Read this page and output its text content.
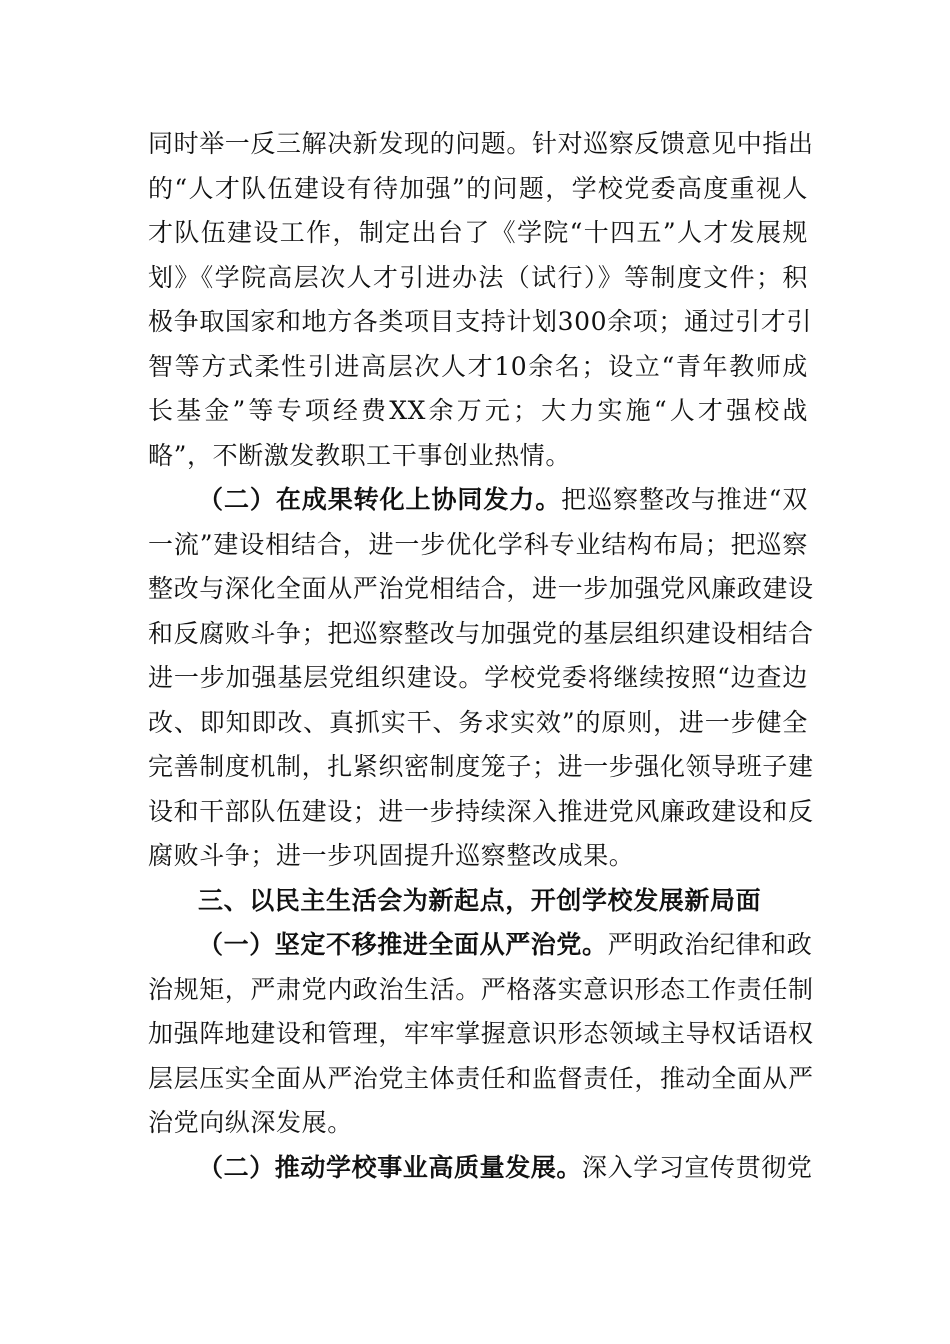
同时举一反三解决新发现的问题。针对巡察反馈意见中指出
的“人才队伍建设有待加强”的问题，学校党委高度重视人
才队伍建设工作，制定出台了《学院“十四五”人才发展规
划》《学院高层次人才引进办法（试行）》等制度文件；积
极争取国家和地方各类项目支持计划300余项；通过引才引
智等方式柔性引进高层次人才10余名；设立“青年教师成
长基金”等专项经费XX余万元；大力实施“人才强校战
略”，不断激发教职工干事创业热情。
（二）在成果转化上协同发力。把巡察整改与推进“双
一流”建设相结合，进一步优化学科专业结构布局；把巡察
整改与深化全面从严治党相结合，进一步加强党风廉政建设
和反腐败斗争；把巡察整改与加强党的基层组织建设相结合
进一步加强基层党组织建设。学校党委将继续按照“边查边
改、即知即改、真抓实干、务求实效”的原则，进一步健全
完善制度机制，扎紧织密制度笼子；进一步强化领导班子建
设和干部队伍建设；进一步持续深入推进党风廉政建设和反
腐败斗争；进一步巩固提升巡察整改成果。
三、以民主生活会为新起点，开创学校发展新局面
（一）坚定不移推进全面从严治党。严明政治纪律和政
治规矩，严肃党内政治生活。严格落实意识形态工作责任制
加强阵地建设和管理，牢牢掌握意识形态领域主导权话语权
层层压实全面从严治党主体责任和监督责任，推动全面从严
治党向纵深发展。
（二）推动学校事业高质量发展。深入学习宣传贯彻党
